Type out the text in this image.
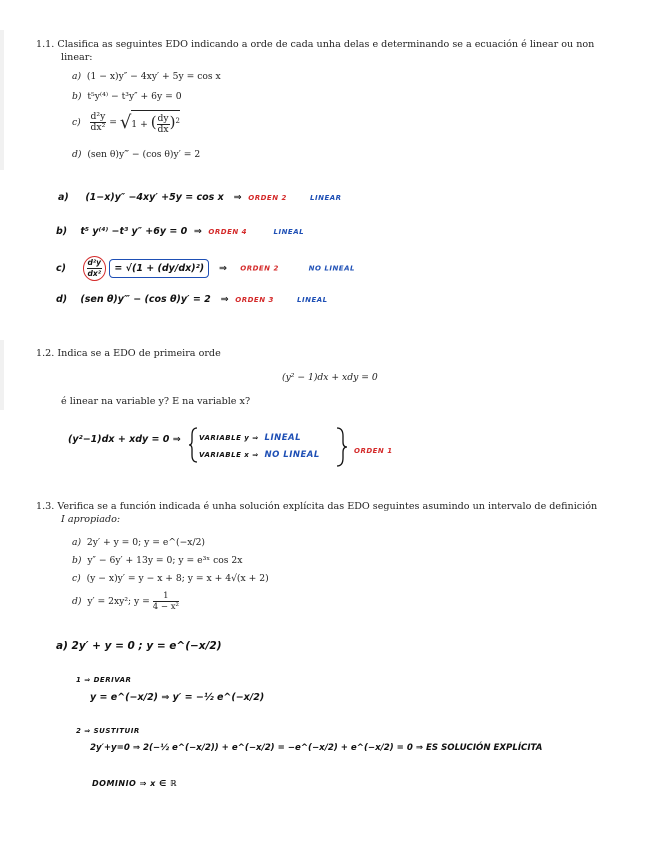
1.1. Clasifica as seguintes EDO indicando a orde de cada unha delas e determinando se a ecuación é linear ou non
linear:
a) (1 − x)y″ − 4xy′ + 5y = cos x
b) t⁵y⁽⁴⁾ − t³y″ + 6y = 0
$c) \frac{\text{d²y}}{\text{dx²}} = √1$ + ( $\frac{dy}{dx} )^2$
d) (sen θ)y‴ − (cos θ)y′ = 2
a) (1−x)y″ −4xy′ +5y = cos x ⇒ ORDEN 2	LINEAR
b) t⁵ y⁽⁴⁾ −t³ y″ +6y = 0 ⇒ ORDEN 4	LINEAL
c)	$\frac{\text{d²y}}{\text{dx²}} = √(1 + (dy/dx)^2)$ ⇒ ORDEN 2	NO LINEAL
d) (sen θ)y‴ − (cos θ)y′ = 2 ⇒ ORDEN 3	LINEAL
1.2. Indica se a EDO de primeira orde
(y² − 1)dx + xdy = 0
é linear na variable y? E na variable x?
(y²−1)dx + xdy = 0 ⇒	VARIABLE y ⇒ LINEAL
VARIABLE x ⇒ NO LINEAL	ORDEN 1
1.3. Verifica se a función indicada é unha solución explícita das EDO seguintes asumindo un intervalo de definición
I apropiado:
a) 2y′ + y = 0; y = e^(−x/2)
b) y″ − 6y′ + 13y = 0; y = e³ˣ cos 2x
c) (y − x)y′ = y − x + 8; y = x + 4√(x + 2)
d) y′ = 2xy²; $y = \frac{1}{\text{4 − x²}}$
a) 2y′ + y = 0 ; y = e^(−x/2)
1 ⇒ DERIVAR
y = e^(−x/2) ⇒ y′ = −½ e^(−x/2)
2 ⇒ SUSTITUIR
2y′+y=0 ⇒ 2(−½ e^(−x/2)) + e^(−x/2) = −e^(−x/2) + e^(−x/2) = 0 ⇒ ES SOLUCIÓN EXPLÍCITA
DOMINIO ⇒ x ∈ ℝ
